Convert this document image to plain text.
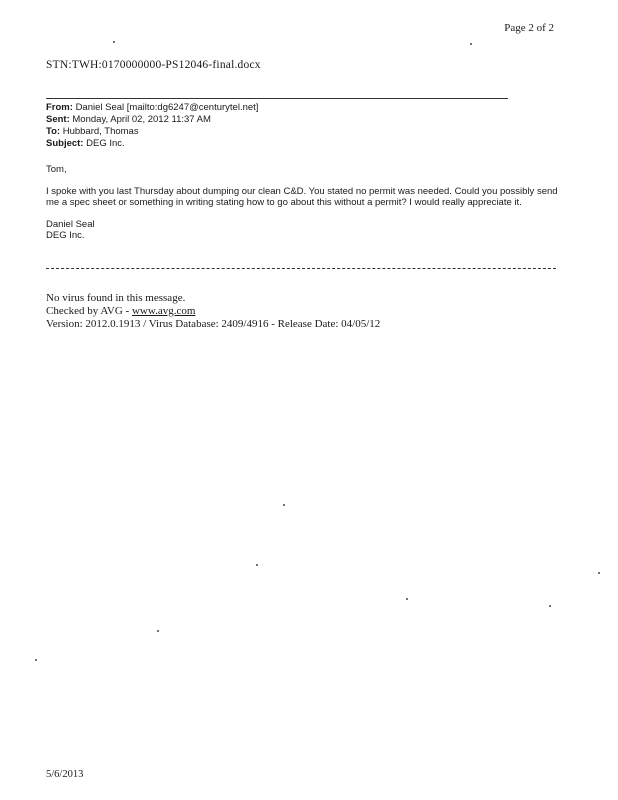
Page 2 of 2
STN:TWH:0170000000-PS12046-final.docx
From: Daniel Seal [mailto:dg6247@centurytel.net]
Sent: Monday, April 02, 2012 11:37 AM
To: Hubbard, Thomas
Subject: DEG Inc.

Tom,

I spoke with you last Thursday about dumping our clean C&D. You stated no permit was needed. Could you possibly send me a spec sheet or something in writing stating how to go about this without a permit? I would really appreciate it.

Daniel Seal
DEG Inc.
No virus found in this message.
Checked by AVG - www.avg.com
Version: 2012.0.1913 / Virus Database: 2409/4916 - Release Date: 04/05/12
5/6/2013
